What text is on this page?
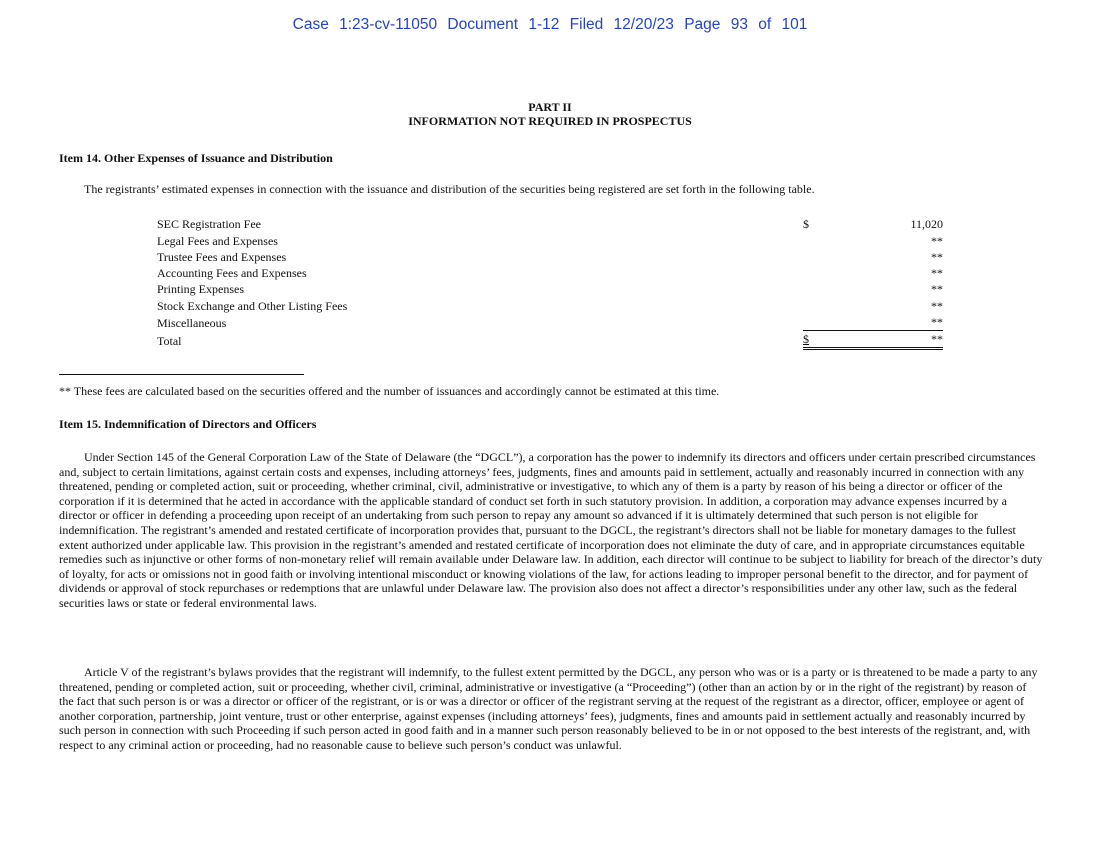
Case 1:23-cv-11050 Document 1-12 Filed 12/20/23 Page 93 of 101
PART II
INFORMATION NOT REQUIRED IN PROSPECTUS
Item 14. Other Expenses of Issuance and Distribution
The registrants’ estimated expenses in connection with the issuance and distribution of the securities being registered are set forth in the following table.
SEC Registration Fee	$	11,020
Legal Fees and Expenses		**
Trustee Fees and Expenses		**
Accounting Fees and Expenses		**
Printing Expenses		**
Stock Exchange and Other Listing Fees		**
Miscellaneous		**
Total	$	**
** These fees are calculated based on the securities offered and the number of issuances and accordingly cannot be estimated at this time.
Item 15. Indemnification of Directors and Officers
Under Section 145 of the General Corporation Law of the State of Delaware (the “DGCL”), a corporation has the power to indemnify its directors and officers under certain prescribed circumstances and, subject to certain limitations, against certain costs and expenses, including attorneys’ fees, judgments, fines and amounts paid in settlement, actually and reasonably incurred in connection with any threatened, pending or completed action, suit or proceeding, whether criminal, civil, administrative or investigative, to which any of them is a party by reason of his being a director or officer of the corporation if it is determined that he acted in accordance with the applicable standard of conduct set forth in such statutory provision. In addition, a corporation may advance expenses incurred by a director or officer in defending a proceeding upon receipt of an undertaking from such person to repay any amount so advanced if it is ultimately determined that such person is not eligible for indemnification. The registrant’s amended and restated certificate of incorporation provides that, pursuant to the DGCL, the registrant’s directors shall not be liable for monetary damages to the fullest extent authorized under applicable law. This provision in the registrant’s amended and restated certificate of incorporation does not eliminate the duty of care, and in appropriate circumstances equitable remedies such as injunctive or other forms of non-monetary relief will remain available under Delaware law. In addition, each director will continue to be subject to liability for breach of the director’s duty of loyalty, for acts or omissions not in good faith or involving intentional misconduct or knowing violations of the law, for actions leading to improper personal benefit to the director, and for payment of dividends or approval of stock repurchases or redemptions that are unlawful under Delaware law. The provision also does not affect a director’s responsibilities under any other law, such as the federal securities laws or state or federal environmental laws.
Article V of the registrant’s bylaws provides that the registrant will indemnify, to the fullest extent permitted by the DGCL, any person who was or is a party or is threatened to be made a party to any threatened, pending or completed action, suit or proceeding, whether civil, criminal, administrative or investigative (a “Proceeding”) (other than an action by or in the right of the registrant) by reason of the fact that such person is or was a director or officer of the registrant, or is or was a director or officer of the registrant serving at the request of the registrant as a director, officer, employee or agent of another corporation, partnership, joint venture, trust or other enterprise, against expenses (including attorneys’ fees), judgments, fines and amounts paid in settlement actually and reasonably incurred by such person in connection with such Proceeding if such person acted in good faith and in a manner such person reasonably believed to be in or not opposed to the best interests of the registrant, and, with respect to any criminal action or proceeding, had no reasonable cause to believe such person’s conduct was unlawful.
